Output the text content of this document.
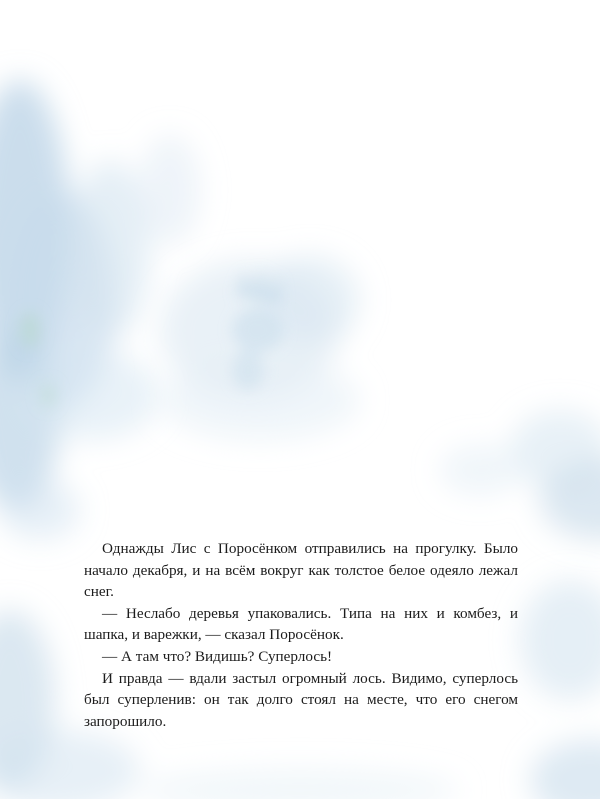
Однажды Лис с Поросёнком отправились на прогулку. Было начало декабря, и на всём вокруг как толстое белое одеяло лежал снег.

— Неслабо деревья упаковались. Типа на них и комбез, и шапка, и варежки, — сказал Поросёнок.

— А там что? Видишь? Суперлось!

И правда — вдали застыл огромный лось. Видимо, суперлось был суперленив: он так долго стоял на месте, что его снегом запорошило.
